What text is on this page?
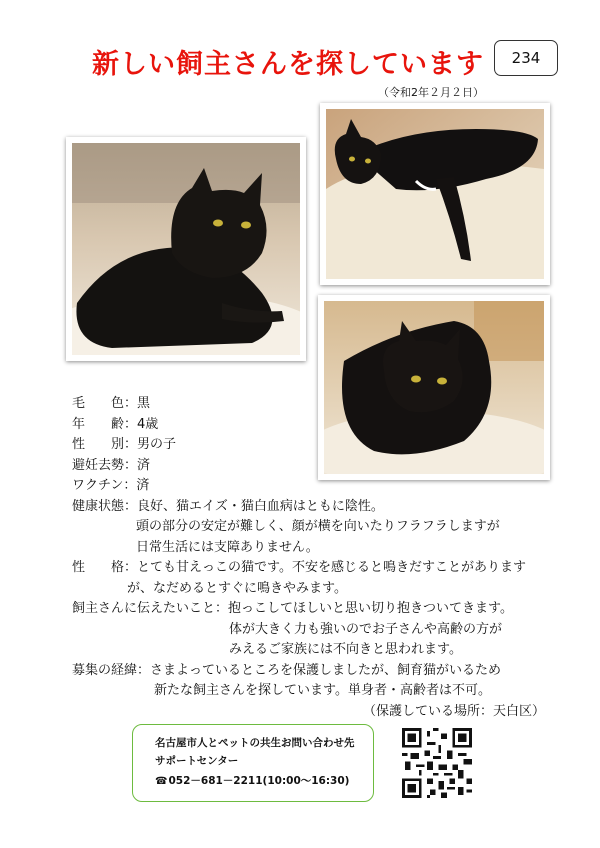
新しい飼主さんを探しています	234
（令和2年２月２日）
毛　　色 ：黒
年　　齢 ：4歳
性　　別 ：男の子
避妊去勢 ：済
ワクチン ：済
健康状態 ：良好、猫エイズ・猫白血病はともに陰性。
頭の部分の安定が難しく、顔が横を向いたりフラフラしますが
日常生活には支障ありません。
性　　格 ：とても甘えっこの猫です。不安を感じると鳴きだすことがあります
が、なだめるとすぐに鳴きやみます。
飼主さんに伝えたいこと ：抱っこしてほしいと思い切り抱きついてきます。
体が大きく力も強いのでお子さんや高齢の方が
みえるご家族には不向きと思われます。
募集の経緯 ：さまよっているところを保護しましたが、飼育猫がいるため
新たな飼主さんを探しています。単身者・高齢者は不可。
（保護している場所：天白区）
名古屋市人とペットの共生お問い合わせ先
サポートセンター
☎052－681－2211(10:00～16:30)
